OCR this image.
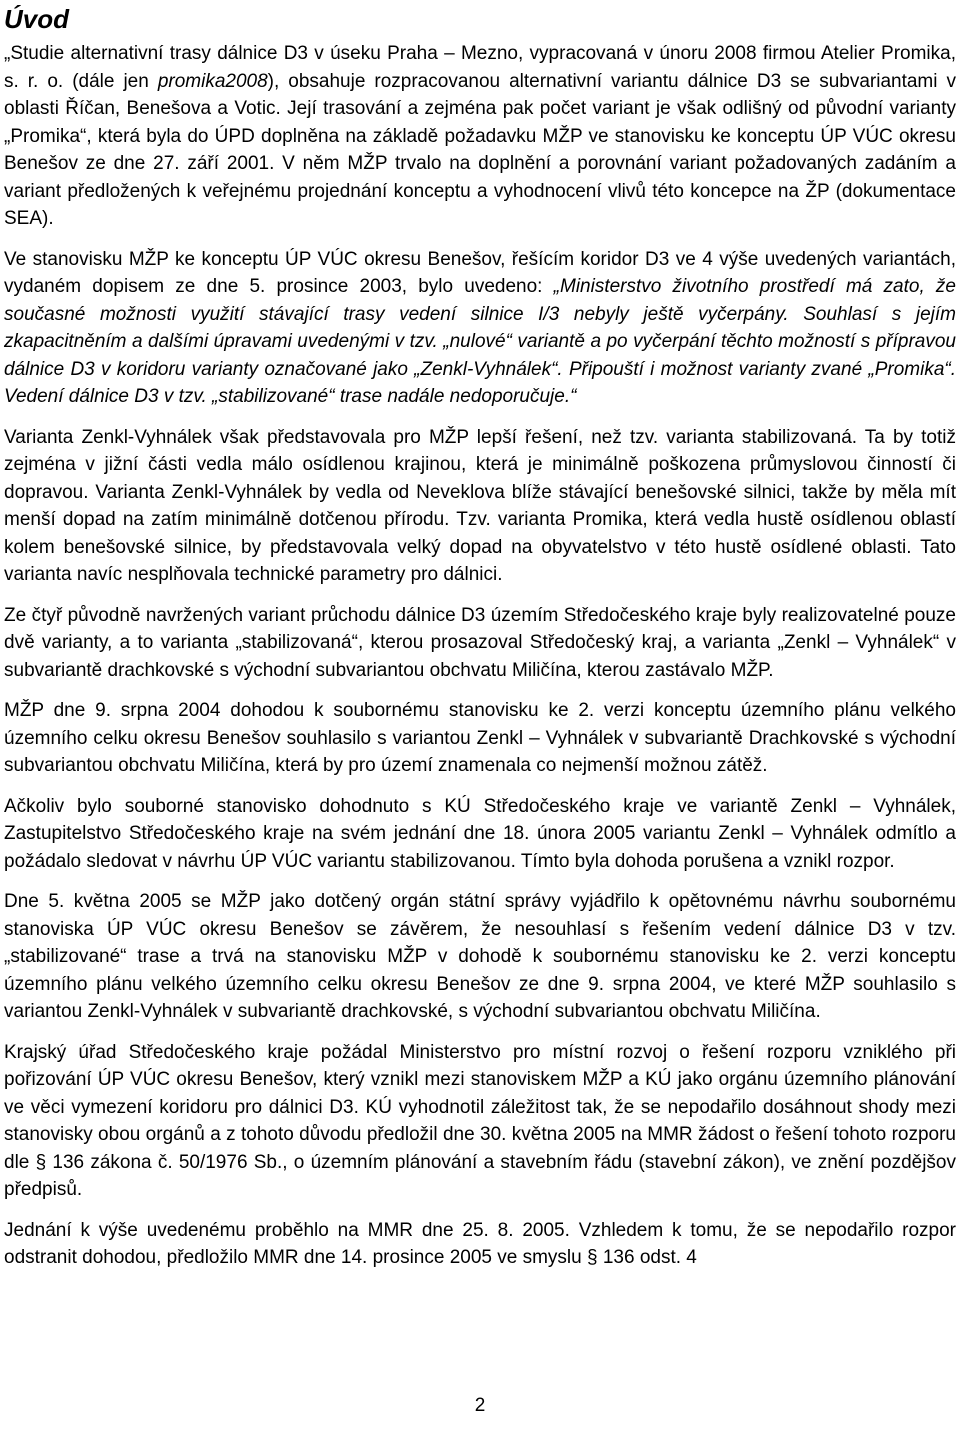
Úvod

„Studie alternativní trasy dálnice D3 v úseku Praha – Mezno, vypracovaná v únoru 2008 firmou Atelier Promika, s. r. o. (dále jen promika2008), obsahuje rozpracovanou alternativní variantu dálnice D3 se subvariantami v oblasti Říčan, Benešova a Votic. Její trasování a zejména pak počet variant je však odlišný od původní varianty „Promika“, která byla do ÚPD doplněna na základě požadavku MŽP ve stanovisku ke konceptu ÚP VÚC okresu Benešov ze dne 27. září 2001. V něm MŽP trvalo na doplnění a porovnání variant požadovaných zadáním a variant předložených k veřejnému projednání konceptu a vyhodnocení vlivů této koncepce na ŽP (dokumentace SEA).

Ve stanovisku MŽP ke konceptu ÚP VÚC okresu Benešov, řešícím koridor D3 ve 4 výše uvedených variantách, vydaném dopisem ze dne 5. prosince 2003, bylo uvedeno: „Ministerstvo životního prostředí má zato, že současné možnosti využití stávající trasy vedení silnice I/3 nebyly ještě vyčerpány. Souhlasí s jejím zkapacitněním a dalšími úpravami uvedenými v tzv. „nulové“ variantě a po vyčerpání těchto možností s přípravou dálnice D3 v koridoru varianty označované jako „Zenkl-Vyhnálek“. Připouští i možnost varianty zvané „Promika“. Vedení dálnice D3 v tzv. „stabilizované“ trase nadále nedoporučuje.“

Varianta Zenkl-Vyhnálek však představovala pro MŽP lepší řešení, než tzv. varianta stabilizovaná. Ta by totiž zejména v jižní části vedla málo osídlenou krajinou, která je minimálně poškozena průmyslovou činností či dopravou. Varianta Zenkl-Vyhnálek by vedla od Neveklova blíže stávající benešovské silnici, takže by měla mít menší dopad na zatím minimálně dotčenou přírodu. Tzv. varianta Promika, která vedla hustě osídlenou oblastí kolem benešovské silnice, by představovala velký dopad na obyvatelstvo v této hustě osídlené oblasti. Tato varianta navíc nesplňovala technické parametry pro dálnici.

Ze čtyř původně navržených variant průchodu dálnice D3 územím Středočeského kraje byly realizovatelné pouze dvě varianty, a to varianta „stabilizovaná“, kterou prosazoval Středočeský kraj, a varianta „Zenkl – Vyhnálek“ v subvariantě drachkovské s východní subvariantou obchvatu Miličína, kterou zastávalo MŽP.

MŽP dne 9. srpna 2004 dohodou k soubornému stanovisku ke 2. verzi konceptu územního plánu velkého územního celku okresu Benešov souhlasilo s variantou Zenkl – Vyhnálek v subvariantě Drachkovské s východní subvariantou obchvatu Miličína, která by pro území znamenala co nejmenší možnou zátěž.

Ačkoliv bylo souborné stanovisko dohodnuto s KÚ Středočeského kraje ve variantě Zenkl – Vyhnálek, Zastupitelstvo Středočeského kraje na svém jednání dne 18. února 2005 variantu Zenkl – Vyhnálek odmítlo a požádalo sledovat v návrhu ÚP VÚC variantu stabilizovanou. Tímto byla dohoda porušena a vznikl rozpor.

Dne 5. května 2005 se MŽP jako dotčený orgán státní správy vyjádřilo k opětovnému návrhu soubornému stanoviska ÚP VÚC okresu Benešov se závěrem, že nesouhlasí s řešením vedení dálnice D3 v tzv. „stabilizované“ trase a trvá na stanovisku MŽP v dohodě k soubornému stanovisku ke 2. verzi konceptu územního plánu velkého územního celku okresu Benešov ze dne 9. srpna 2004, ve které MŽP souhlasilo s variantou Zenkl-Vyhnálek v subvariantě drachkovské, s východní subvariantou obchvatu Miličína.

Krajský úřad Středočeského kraje požádal Ministerstvo pro místní rozvoj o řešení rozporu vzniklého při pořizování ÚP VÚC okresu Benešov, který vznikl mezi stanoviskem MŽP a KÚ jako orgánu územního plánování ve věci vymezení koridoru pro dálnici D3. KÚ vyhodnotil záležitost tak, že se nepodařilo dosáhnout shody mezi stanovisky obou orgánů a z tohoto důvodu předložil dne 30. května 2005 na MMR žádost o řešení tohoto rozporu dle § 136 zákona č. 50/1976 Sb., o územním plánování a stavebním řádu (stavební zákon), ve znění pozdějšov předpisů.

Jednání k výše uvedenému proběhlo na MMR dne 25. 8. 2005. Vzhledem k tomu, že se nepodařilo rozpor odstranit dohodou, předložilo MMR dne 14. prosince 2005 ve smyslu § 136 odst. 4

2
